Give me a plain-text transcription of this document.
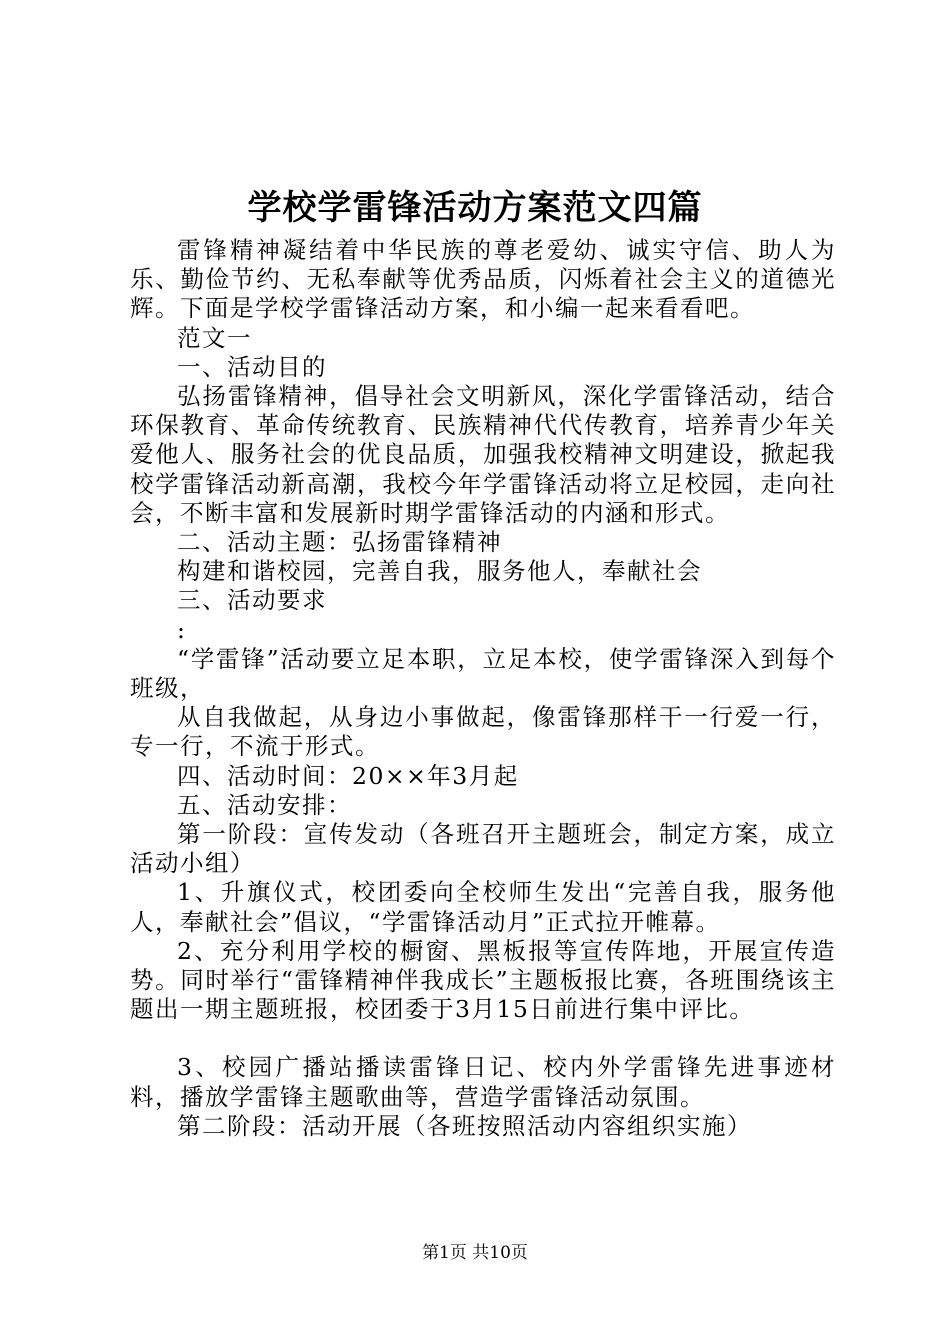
学校学雷锋活动方案范文四篇

雷锋精神凝结着中华民族的尊老爱幼、诚实守信、助人为乐、勤俭节约、无私奉献等优秀品质，闪烁着社会主义的道德光辉。下面是学校学雷锋活动方案，和小编一起来看看吧。

范文一

一、活动目的

弘扬雷锋精神，倡导社会文明新风，深化学雷锋活动，结合环保教育、革命传统教育、民族精神代代传教育，培养青少年关爱他人、服务社会的优良品质，加强我校精神文明建设，掀起我校学雷锋活动新高潮，我校今年学雷锋活动将立足校园，走向社会，不断丰富和发展新时期学雷锋活动的内涵和形式。

二、活动主题：弘扬雷锋精神

构建和谐校园，完善自我，服务他人，奉献社会

三、活动要求

:

“学雷锋”活动要立足本职，立足本校，使学雷锋深入到每个班级，

从自我做起，从身边小事做起，像雷锋那样干一行爱一行，专一行，不流于形式。

四、活动时间：20××年3月起

五、活动安排：

第一阶段：宣传发动（各班召开主题班会，制定方案，成立活动小组）

1、升旗仪式，校团委向全校师生发出“完善自我，服务他人，奉献社会”倡议，“学雷锋活动月”正式拉开帷幕。

2、充分利用学校的橱窗、黑板报等宣传阵地，开展宣传造势。同时举行“雷锋精神伴我成长”主题板报比赛，各班围绕该主题出一期主题班报，校团委于3月15日前进行集中评比。

3、校园广播站播读雷锋日记、校内外学雷锋先进事迹材料，播放学雷锋主题歌曲等，营造学雷锋活动氛围。

第二阶段：活动开展（各班按照活动内容组织实施）

第1页 共10页
